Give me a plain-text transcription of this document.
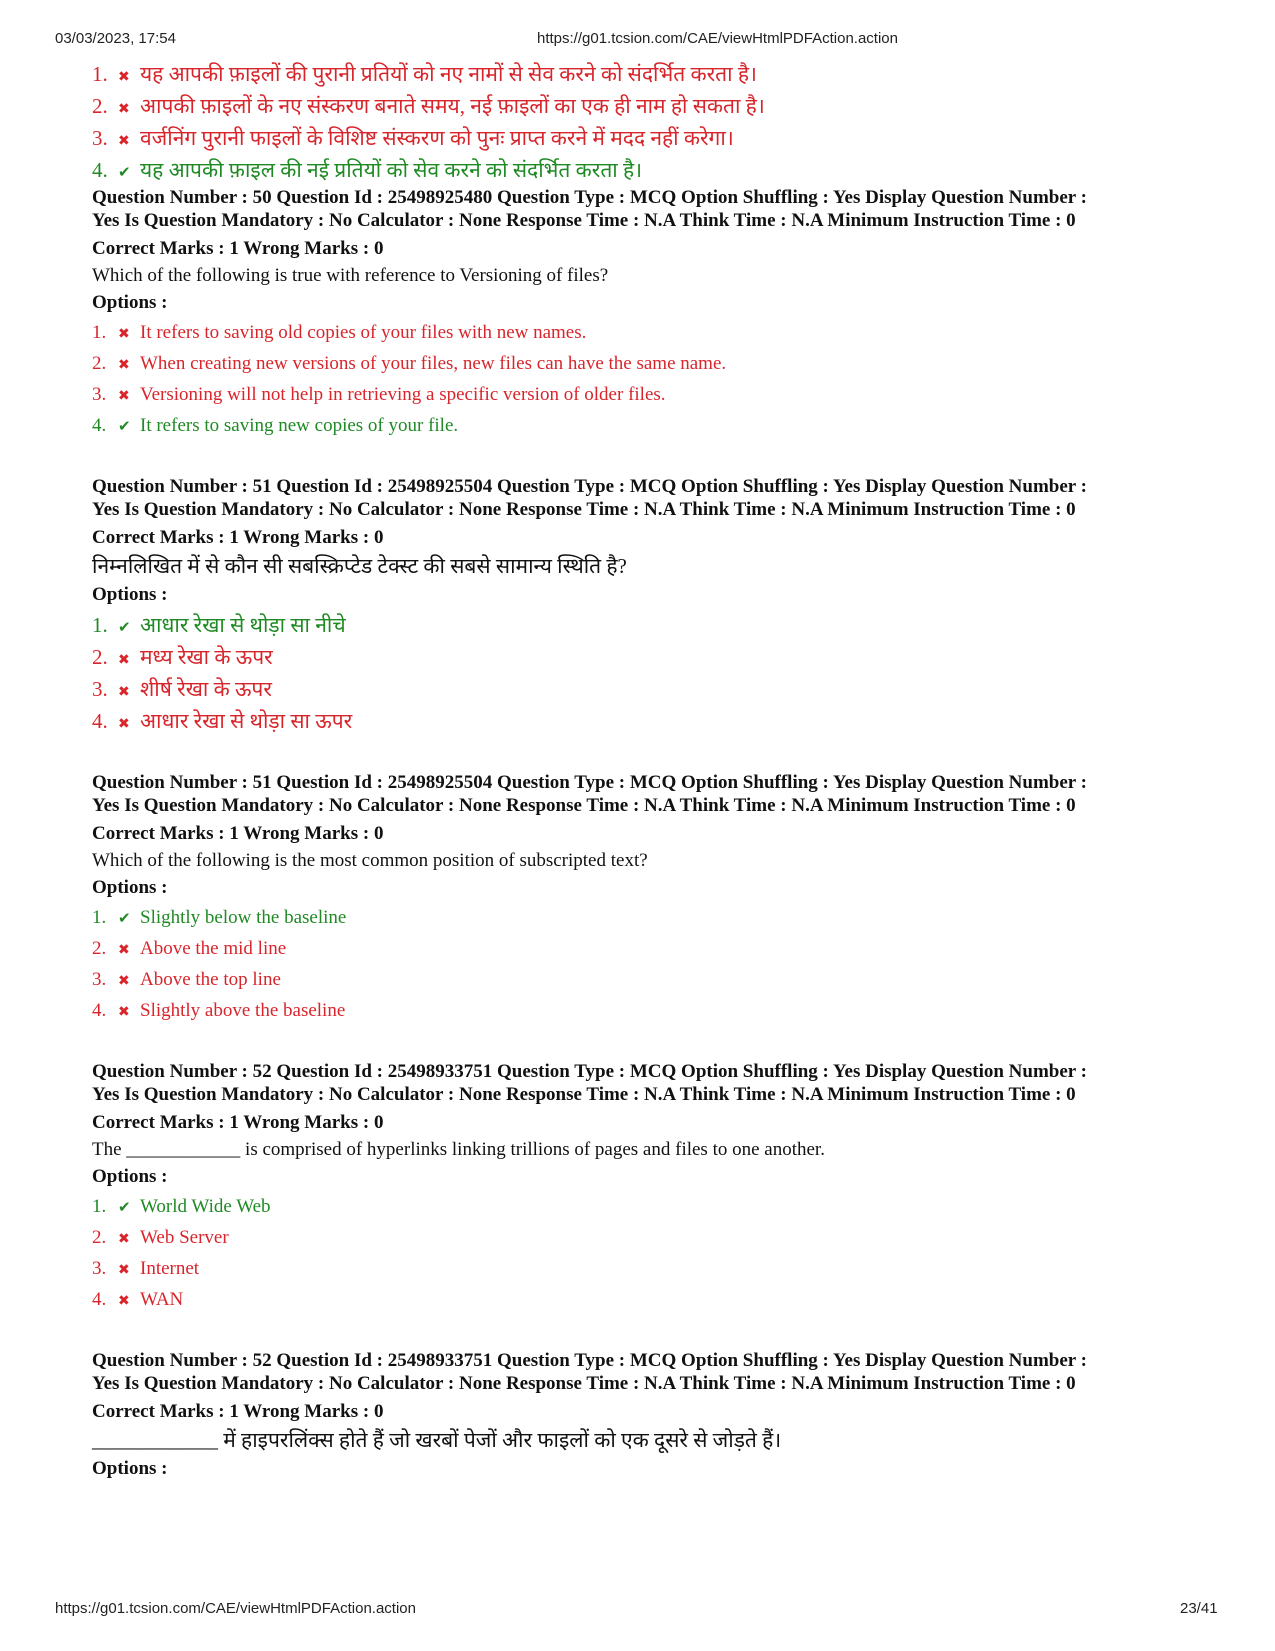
03/03/2023, 17:54	https://g01.tcsion.com/CAE/viewHtmlPDFAction.action
1. ✖ यह आपकी फ़ाइलों की पुरानी प्रतियों को नए नामों से सेव करने को संदर्भित करता है।
2. ✖ आपकी फ़ाइलों के नए संस्करण बनाते समय, नई फ़ाइलों का एक ही नाम हो सकता है।
3. ✖ वर्जनिंग पुरानी फाइलों के विशिष्ट संस्करण को पुनः प्राप्त करने में मदद नहीं करेगा।
4. ✔ यह आपकी फ़ाइल की नई प्रतियों को सेव करने को संदर्भित करता है।
Question Number : 50 Question Id : 25498925480 Question Type : MCQ Option Shuffling : Yes Display Question Number :
Yes Is Question Mandatory : No Calculator : None Response Time : N.A Think Time : N.A Minimum Instruction Time : 0
Correct Marks : 1 Wrong Marks : 0
Which of the following is true with reference to Versioning of files?
Options :
1. ✖ It refers to saving old copies of your files with new names.
2. ✖ When creating new versions of your files, new files can have the same name.
3. ✖ Versioning will not help in retrieving a specific version of older files.
4. ✔ It refers to saving new copies of your file.
Question Number : 51 Question Id : 25498925504 Question Type : MCQ Option Shuffling : Yes Display Question Number :
Yes Is Question Mandatory : No Calculator : None Response Time : N.A Think Time : N.A Minimum Instruction Time : 0
Correct Marks : 1 Wrong Marks : 0
निम्नलिखित में से कौन सी सबस्क्रिप्टेड टेक्स्ट की सबसे सामान्य स्थिति है?
Options :
1. ✔ आधार रेखा से थोड़ा सा नीचे
2. ✖ मध्य रेखा के ऊपर
3. ✖ शीर्ष रेखा के ऊपर
4. ✖ आधार रेखा से थोड़ा सा ऊपर
Question Number : 51 Question Id : 25498925504 Question Type : MCQ Option Shuffling : Yes Display Question Number :
Yes Is Question Mandatory : No Calculator : None Response Time : N.A Think Time : N.A Minimum Instruction Time : 0
Correct Marks : 1 Wrong Marks : 0
Which of the following is the most common position of subscripted text?
Options :
1. ✔ Slightly below the baseline
2. ✖ Above the mid line
3. ✖ Above the top line
4. ✖ Slightly above the baseline
Question Number : 52 Question Id : 25498933751 Question Type : MCQ Option Shuffling : Yes Display Question Number :
Yes Is Question Mandatory : No Calculator : None Response Time : N.A Think Time : N.A Minimum Instruction Time : 0
Correct Marks : 1 Wrong Marks : 0
The ____________ is comprised of hyperlinks linking trillions of pages and files to one another.
Options :
1. ✔ World Wide Web
2. ✖ Web Server
3. ✖ Internet
4. ✖ WAN
Question Number : 52 Question Id : 25498933751 Question Type : MCQ Option Shuffling : Yes Display Question Number :
Yes Is Question Mandatory : No Calculator : None Response Time : N.A Think Time : N.A Minimum Instruction Time : 0
Correct Marks : 1 Wrong Marks : 0
____________ में हाइपरलिंक्स होते हैं जो खरबों पेजों और फाइलों को एक दूसरे से जोड़ते हैं।
Options :
https://g01.tcsion.com/CAE/viewHtmlPDFAction.action	23/41
